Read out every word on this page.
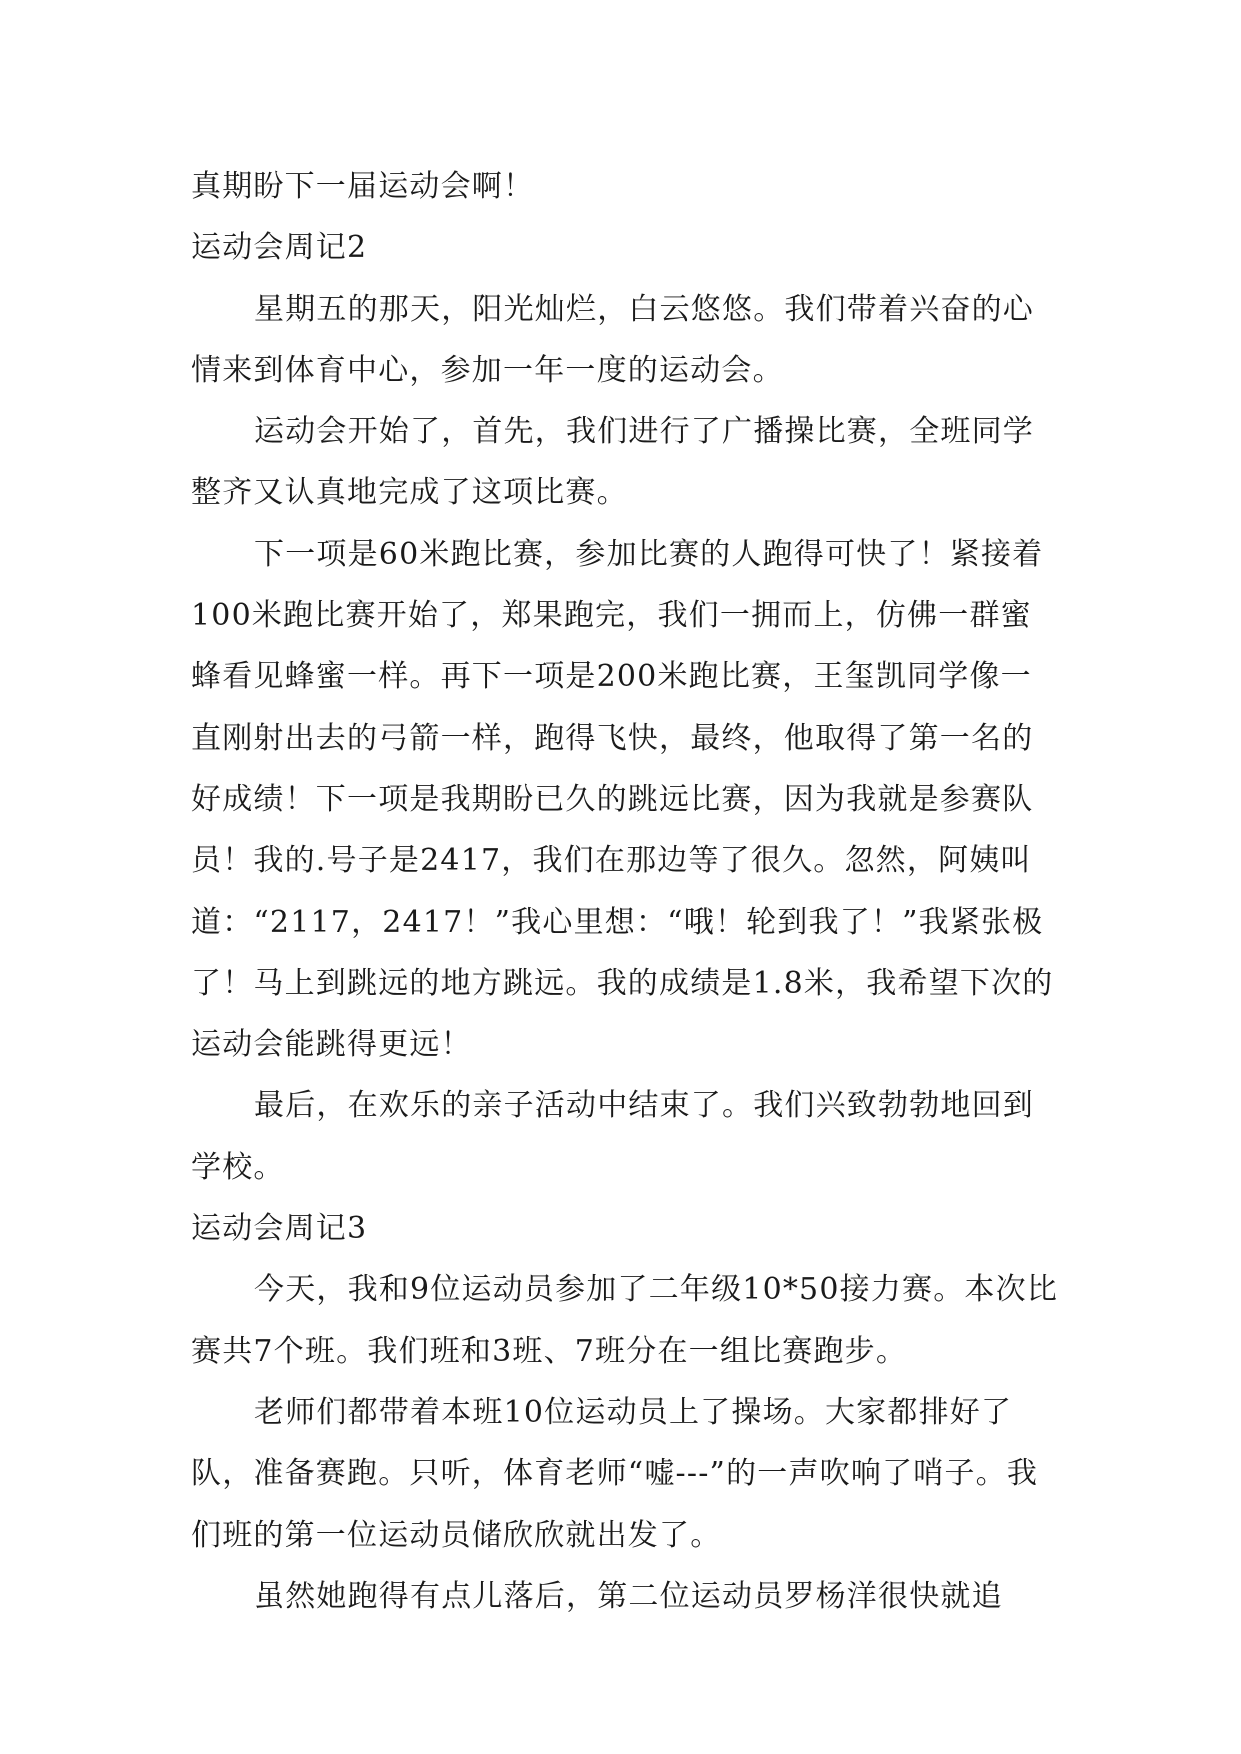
真期盼下一届运动会啊！

运动会周记2

星期五的那天，阳光灿烂，白云悠悠。我们带着兴奋的心情来到体育中心，参加一年一度的运动会。

运动会开始了，首先，我们进行了广播操比赛，全班同学整齐又认真地完成了这项比赛。

下一项是60米跑比赛，参加比赛的人跑得可快了！紧接着100米跑比赛开始了，郑果跑完，我们一拥而上，仿佛一群蜜蜂看见蜂蜜一样。再下一项是200米跑比赛，王玺凯同学像一直刚射出去的弓箭一样，跑得飞快，最终，他取得了第一名的好成绩！下一项是我期盼已久的跳远比赛，因为我就是参赛队员！我的.号子是2417，我们在那边等了很久。忽然，阿姨叫道：“2117，2417！”我心里想：“哦！轮到我了！”我紧张极了！马上到跳远的地方跳远。我的成绩是1.8米，我希望下次的运动会能跳得更远！

最后，在欢乐的亲子活动中结束了。我们兴致勃勃地回到学校。

运动会周记3

今天，我和9位运动员参加了二年级10*50接力赛。本次比赛共7个班。我们班和3班、7班分在一组比赛跑步。

老师们都带着本班10位运动员上了操场。大家都排好了队，准备赛跑。只听，体育老师“嘘---”的一声吹响了哨子。我们班的第一位运动员储欣欣就出发了。

虽然她跑得有点儿落后，第二位运动员罗杨洋很快就追
